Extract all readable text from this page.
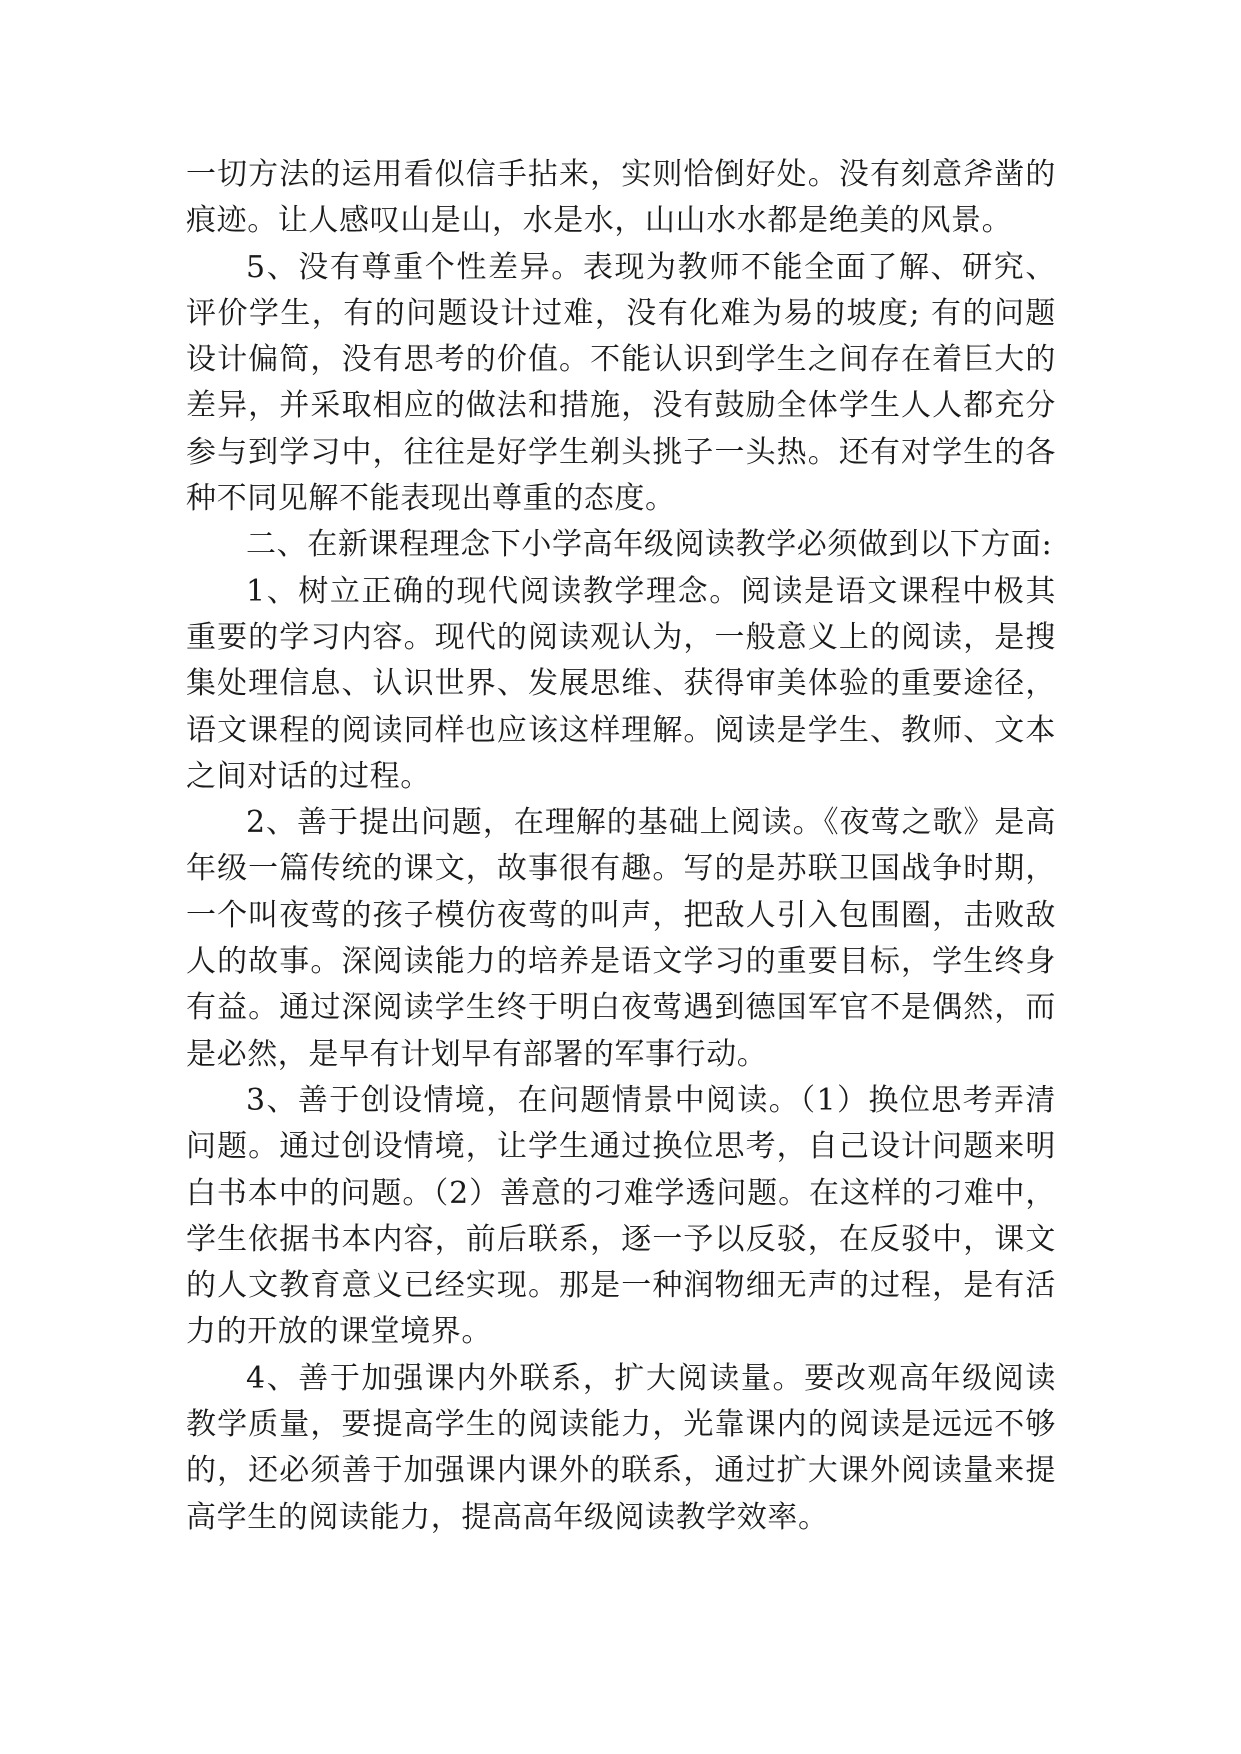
一切方法的运用看似信手拈来，实则恰倒好处。没有刻意斧凿的痕迹。让人感叹山是山，水是水，山山水水都是绝美的风景。

5、没有尊重个性差异。表现为教师不能全面了解、研究、评价学生，有的问题设计过难，没有化难为易的坡度; 有的问题设计偏简，没有思考的价值。不能认识到学生之间存在着巨大的差异，并采取相应的做法和措施，没有鼓励全体学生人人都充分参与到学习中，往往是好学生剃头挑子一头热。还有对学生的各种不同见解不能表现出尊重的态度。

二、在新课程理念下小学高年级阅读教学必须做到以下方面:

1、树立正确的现代阅读教学理念。阅读是语文课程中极其重要的学习内容。现代的阅读观认为，一般意义上的阅读，是搜集处理信息、认识世界、发展思维、获得审美体验的重要途径，语文课程的阅读同样也应该这样理解。阅读是学生、教师、文本之间对话的过程。

2、善于提出问题，在理解的基础上阅读。《夜莺之歌》是高年级一篇传统的课文，故事很有趣。写的是苏联卫国战争时期，一个叫夜莺的孩子模仿夜莺的叫声，把敌人引入包围圈，击败敌人的故事。深阅读能力的培养是语文学习的重要目标，学生终身有益。通过深阅读学生终于明白夜莺遇到德国军官不是偶然，而是必然，是早有计划早有部署的军事行动。

3、善于创设情境，在问题情景中阅读。（1）换位思考弄清问题。通过创设情境，让学生通过换位思考，自己设计问题来明白书本中的问题。（2）善意的刁难学透问题。在这样的刁难中，学生依据书本内容，前后联系，逐一予以反驳，在反驳中，课文的人文教育意义已经实现。那是一种润物细无声的过程，是有活力的开放的课堂境界。

4、善于加强课内外联系，扩大阅读量。要改观高年级阅读教学质量，要提高学生的阅读能力，光靠课内的阅读是远远不够的，还必须善于加强课内课外的联系，通过扩大课外阅读量来提高学生的阅读能力，提高高年级阅读教学效率。
